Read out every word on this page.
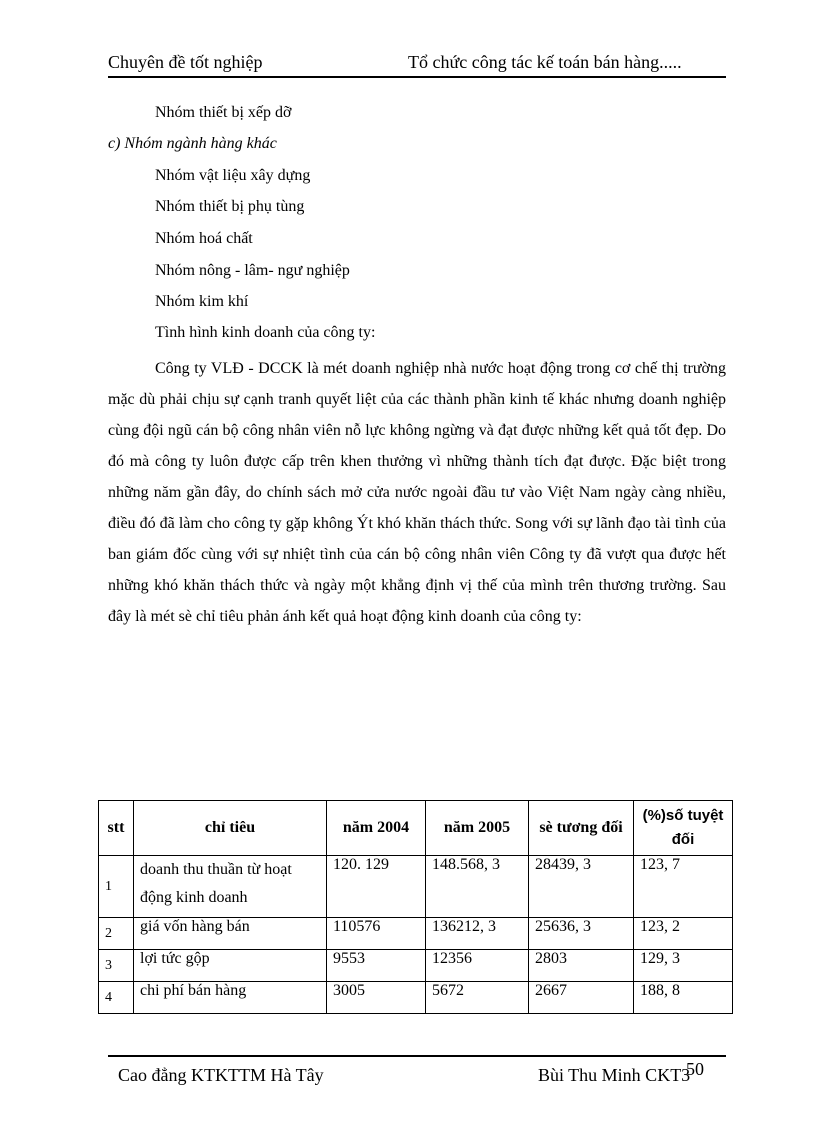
Chuyên đề tốt nghiệp	Tổ chức công tác kế toán bán hàng.....
Nhóm thiết bị xếp dỡ
c) Nhóm ngành hàng khác
Nhóm vật liệu xây dựng
Nhóm thiết bị phụ tùng
Nhóm hoá chất
Nhóm nông - lâm- ngư nghiệp
Nhóm kim khí
Tình hình kinh doanh của công ty:
Công ty VLĐ - DCCK là mét doanh nghiệp nhà nước hoạt động trong cơ chế thị trường mặc dù phải chịu sự cạnh tranh quyết liệt của các thành phần kinh tế khác nhưng doanh nghiệp cùng đội ngũ cán bộ công nhân viên nỗ lực không ngừng và đạt được những kết quả tốt đẹp. Do đó mà công ty luôn được cấp trên khen thưởng vì những thành tích đạt được. Đặc biệt trong những năm gần đây, do chính sách mở cửa nước ngoài đầu tư vào Việt Nam ngày càng nhiều, điều đó đã làm cho công ty gặp không Ýt khó khăn thách thức. Song với sự lãnh đạo tài tình của ban giám đốc cùng với sự nhiệt tình của cán bộ công nhân viên Công ty đã vượt qua được hết những khó khăn thách thức và ngày một khẳng định vị thế của mình trên thương trường. Sau đây là mét sè chỉ tiêu phản ánh kết quả hoạt động kinh doanh của công ty:
stt	chỉ tiêu	năm 2004	năm 2005	sè tương đối	(%)số tuyệt đối
1	doanh thu thuần từ hoạt động kinh doanh	120. 129	148.568, 3	28439, 3	123, 7
2	giá vốn hàng bán	110576	136212, 3	25636, 3	123, 2
3	lợi tức gộp	9553	12356	2803	129, 3
4	chi phí bán hàng	3005	5672	2667	188, 8
Cao đẳng KTKTTM Hà Tây	Bùi Thu Minh CKT3
50
